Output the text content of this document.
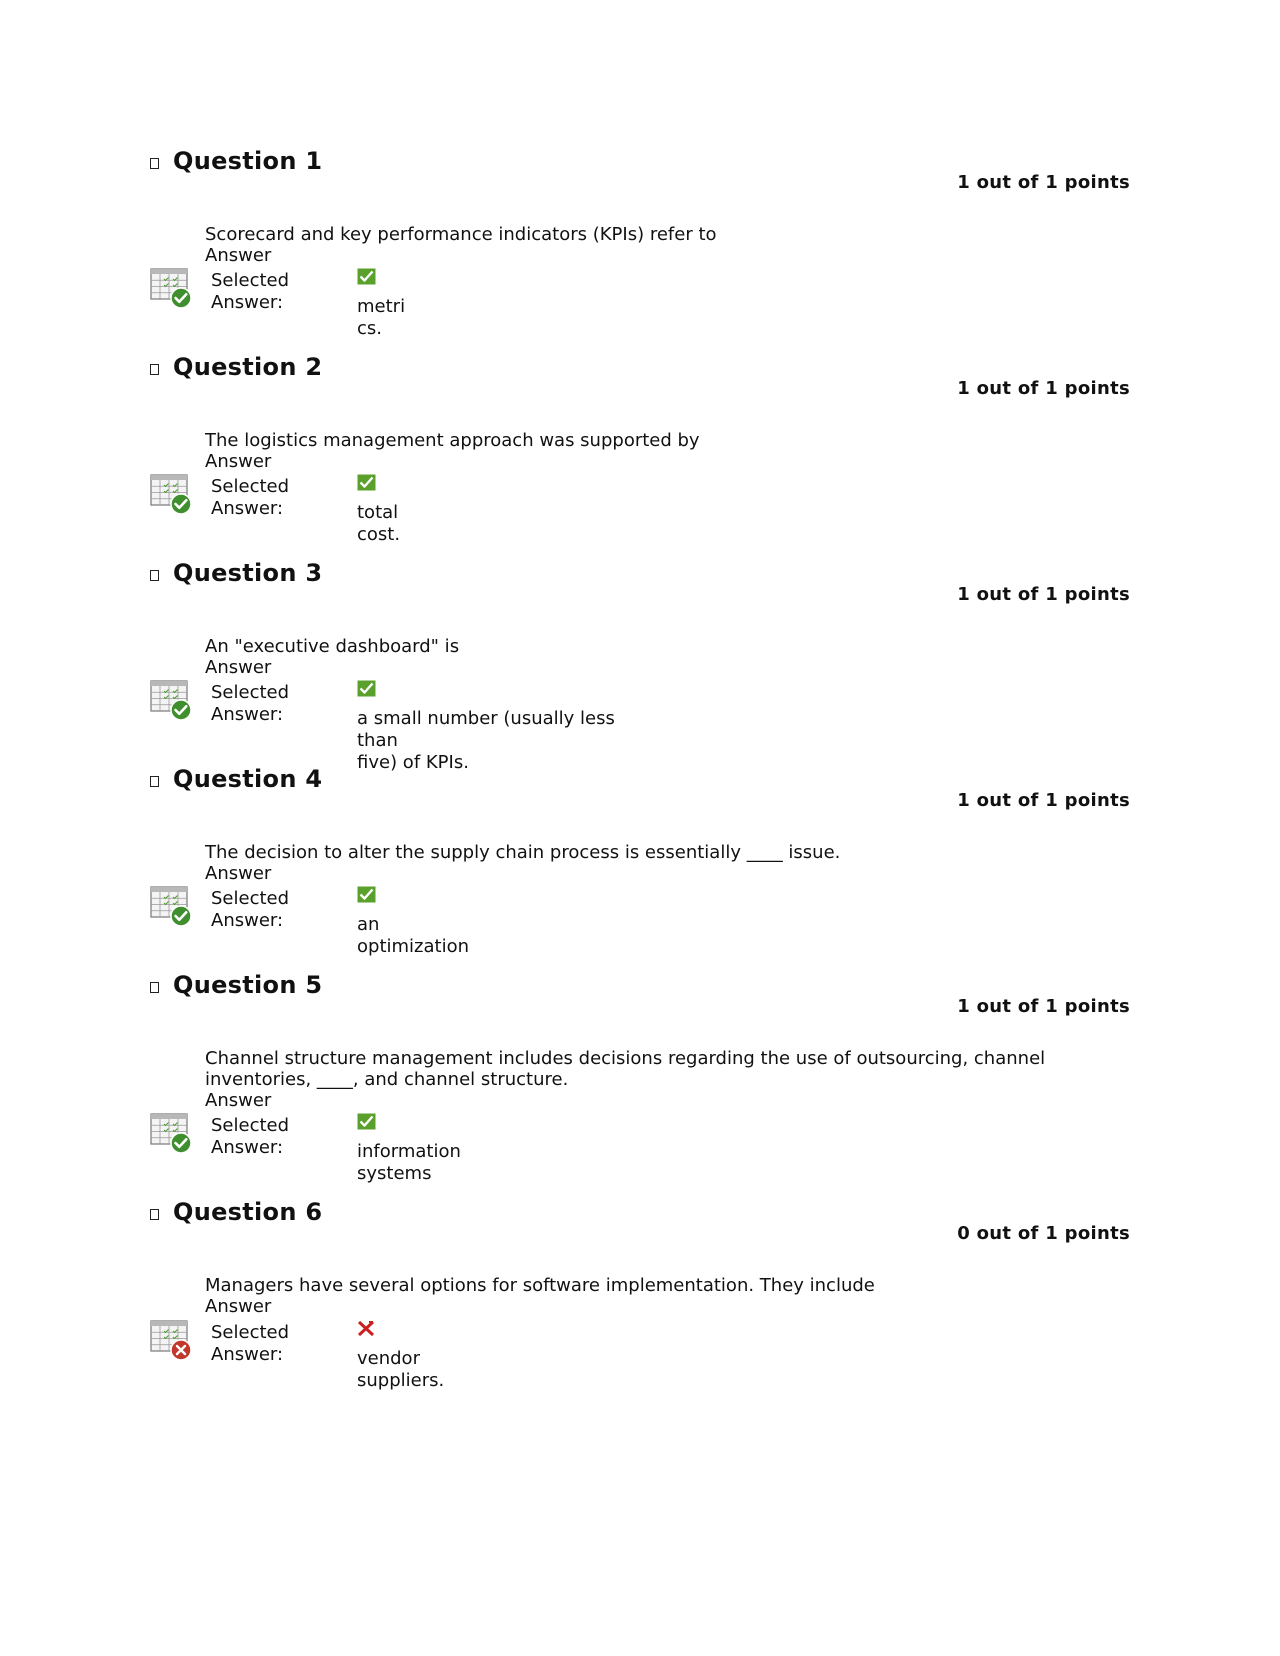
Question 1
1 out of 1 points
Scorecard and key performance indicators (KPIs) refer to
Answer
Selected
Answer:	metri
cs.
Question 2
1 out of 1 points
The logistics management approach was supported by
Answer
Selected
Answer:	total
cost.
Question 3
1 out of 1 points
An "executive dashboard" is
Answer
Selected
Answer:	a small number (usually less than
five) of KPIs.
Question 4
1 out of 1 points
The decision to alter the supply chain process is essentially ____ issue.
Answer
Selected
Answer:	an
optimization
Question 5
1 out of 1 points
Channel structure management includes decisions regarding the use of outsourcing, channel inventories, ____, and channel structure.
Answer
Selected
Answer:	information
systems
Question 6
0 out of 1 points
Managers have several options for software implementation. They include
Answer
Selected
Answer:	vendor
suppliers.
